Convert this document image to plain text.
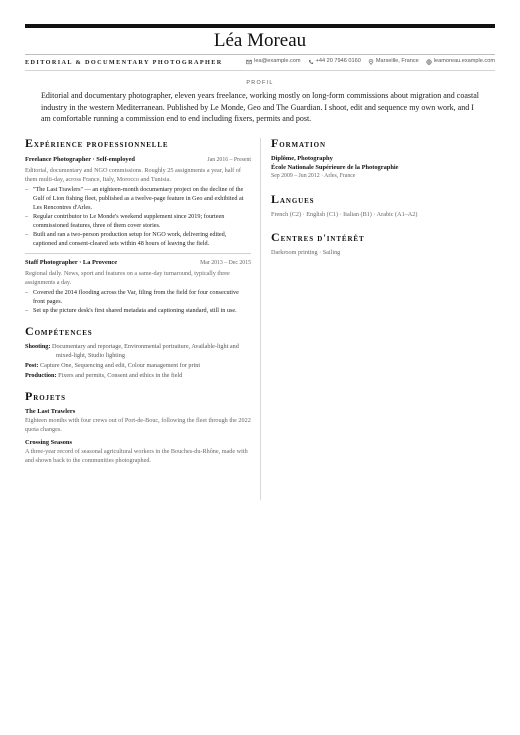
Léa Moreau
EDITORIAL & DOCUMENTARY PHOTOGRAPHER	lea@example.com	+44 20 7946 0160	Marseille, France	leamoreau.example.com
PROFIL

Editorial and documentary photographer, eleven years freelance, working mostly on long-form commissions about migration and coastal industry in the western Mediterranean. Published by Le Monde, Geo and The Guardian. I shoot, edit and sequence my own work, and I am comfortable running a commission end to end including fixers, permits and post.

Expérience professionnelle
Freelance Photographer · Self-employed	Jan 2016 – Present
Editorial, documentary and NGO commissions. Roughly 25 assignments a year, half of them multi-day, across France, Italy, Morocco and Tunisia.
– "The Last Trawlers" — an eighteen-month documentary project on the decline of the Gulf of Lion fishing fleet, published as a twelve-page feature in Geo and exhibited at Les Rencontres d'Arles.
– Regular contributor to Le Monde's weekend supplement since 2019; fourteen commissioned features, three of them cover stories.
– Built and ran a two-person production setup for NGO work, delivering edited, captioned and consent-cleared sets within 48 hours of leaving the field.
Staff Photographer · La Provence	Mar 2013 – Dec 2015
Regional daily. News, sport and features on a same-day turnaround, typically three assignments a day.
– Covered the 2014 flooding across the Var, filing from the field for four consecutive front pages.
– Set up the picture desk's first shared metadata and captioning standard, still in use.
Compétences
Shooting: Documentary and reportage, Environmental portraiture, Available-light and mixed-light, Studio lighting
Post: Capture One, Sequencing and edit, Colour management for print
Production: Fixers and permits, Consent and ethics in the field
Projets
The Last Trawlers
Eighteen months with four crews out of Port-de-Bouc, following the fleet through the 2022 quota changes.
Crossing Seasons
A three-year record of seasonal agricultural workers in the Bouches-du-Rhône, made with and shown back to the communities photographed.
Formation
Diplôme, Photography
École Nationale Supérieure de la Photographie
Sep 2009 – Jun 2012 · Arles, France
Langues
French (C2) · English (C1) · Italian (B1) · Arabic (A1–A2)
Centres d'intérêt
Darkroom printing · Sailing
